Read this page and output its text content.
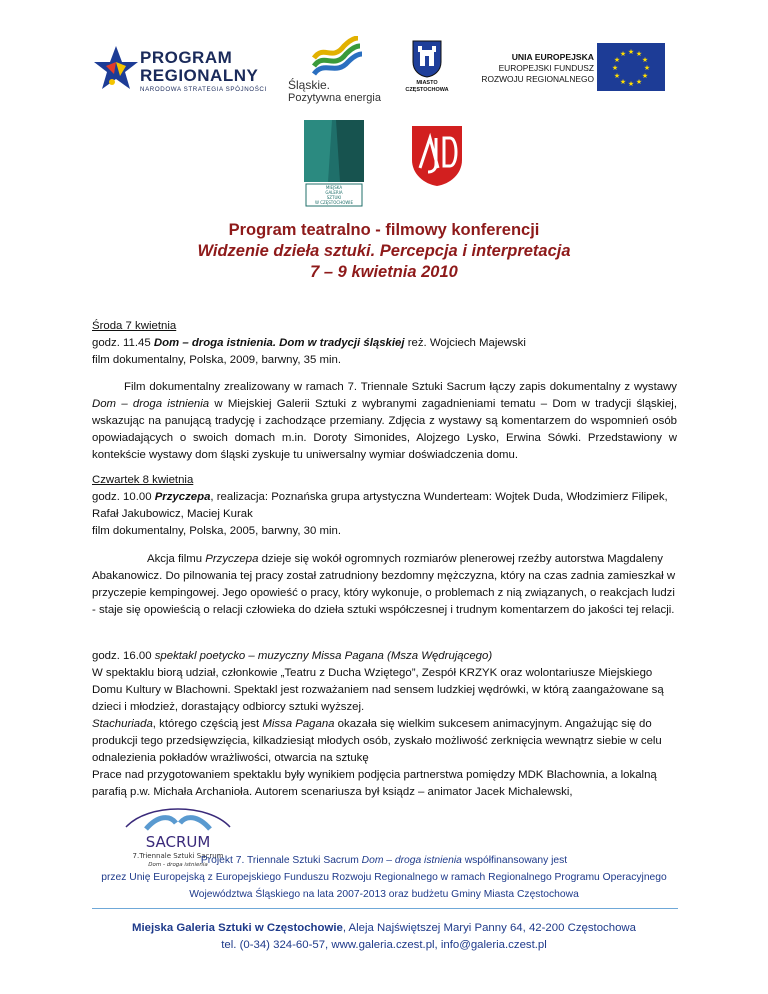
PROGRAM
REGIONALNY
NARODOWA STRATEGIA SPÓJNOŚCI Śląskie.
Pozytywna energia
MIASTO
CZĘSTOCHOWA
UNIA EUROPEJSKA
EUROPEJSKI FUNDUSZ
ROZWOJU REGIONALNEGO
★ ★
★
★
★
★
★
★
★
★
★
★
MIEJSKA
GALERIA
SZTUKI
W CZĘSTOCHOWIE
Program teatralno - filmowy konferencji
Widzenie dzieła sztuki. Percepcja i interpretacja
7 – 9 kwietnia 2010

Środa 7 kwietnia

godz. 11.45 Dom – droga istnienia. Dom w tradycji śląskiej reż. Wojciech Majewski

film dokumentalny, Polska, 2009, barwny, 35 min.

Film dokumentalny zrealizowany w ramach 7. Triennale Sztuki Sacrum łączy zapis dokumentalny z wystawy Dom – droga istnienia w Miejskiej Galerii Sztuki z wybranymi zagadnieniami tematu – Dom w tradycji śląskiej, wskazując na panującą tradycję i zachodzące przemiany. Zdjęcia z wystawy są komentarzem do wspomnień osób opowiadających o swoich domach m.in. Doroty Simonides, Alojzego Lysko, Erwina Sówki. Przedstawiony w kontekście wystawy dom śląski zyskuje tu uniwersalny wymiar doświadczenia domu.

Czwartek 8 kwietnia

godz. 10.00 Przyczepa, realizacja: Poznańska grupa artystyczna Wunderteam: Wojtek Duda, Włodzimierz Filipek, Rafał Jakubowicz, Maciej Kurak

film dokumentalny, Polska, 2005, barwny, 30 min.

Akcja filmu Przyczepa dzieje się wokół ogromnych rozmiarów plenerowej rzeźby autorstwa Magdaleny Abakanowicz. Do pilnowania tej pracy został zatrudniony bezdomny mężczyzna, który na czas zadnia zamieszkał w przyczepie kempingowej. Jego opowieść o pracy, który wykonuje, o problemach z nią związanych, o reakcjach ludzi - staje się opowieścią o relacji człowieka do dzieła sztuki współczesnej i trudnym komentarzem do jakości tej relacji.

godz. 16.00 spektakl poetycko – muzyczny Missa Pagana (Msza Wędrującego)

W spektaklu biorą udział, członkowie „Teatru z Ducha Wziętego”, Zespół KRZYK oraz wolontariusze Miejskiego Domu Kultury w Blachowni. Spektakl jest rozważaniem nad sensem ludzkiej wędrówki, w którą zaangażowane są dzieci i młodzież, dorastający odbiorcy sztuki wyższej.

Stachuriada, którego częścią jest Missa Pagana okazała się wielkim sukcesem animacyjnym. Angażując się do produkcji tego przedsięwzięcia, kilkadziesiąt młodych osób, zyskało możliwość zerknięcia wewnątrz siebie w celu odnalezienia pokładów wrażliwości, otwarcia na sztukę

Prace nad przygotowaniem spektaklu były wynikiem podjęcia partnerstwa pomiędzy MDK Blachownia, a lokalną parafią p.w. Michała Archanioła. Autorem scenariusza był ksiądz – animator Jacek Michalewski,

SACRUM
7.Triennale Sztuki Sacrum
Dom - droga istnienia
Projekt 7. Triennale Sztuki Sacrum Dom – droga istnienia współfinansowany jest
przez Unię Europejską z Europejskiego Funduszu Rozwoju Regionalnego w ramach Regionalnego Programu Operacyjnego
Województwa Śląskiego na lata 2007-2013 oraz budżetu Gminy Miasta Częstochowa
Miejska Galeria Sztuki w Częstochowie, Aleja Najświętszej Maryi Panny 64, 42-200 Częstochowa
tel. (0-34) 324-60-57, www.galeria.czest.pl, info@galeria.czest.pl
